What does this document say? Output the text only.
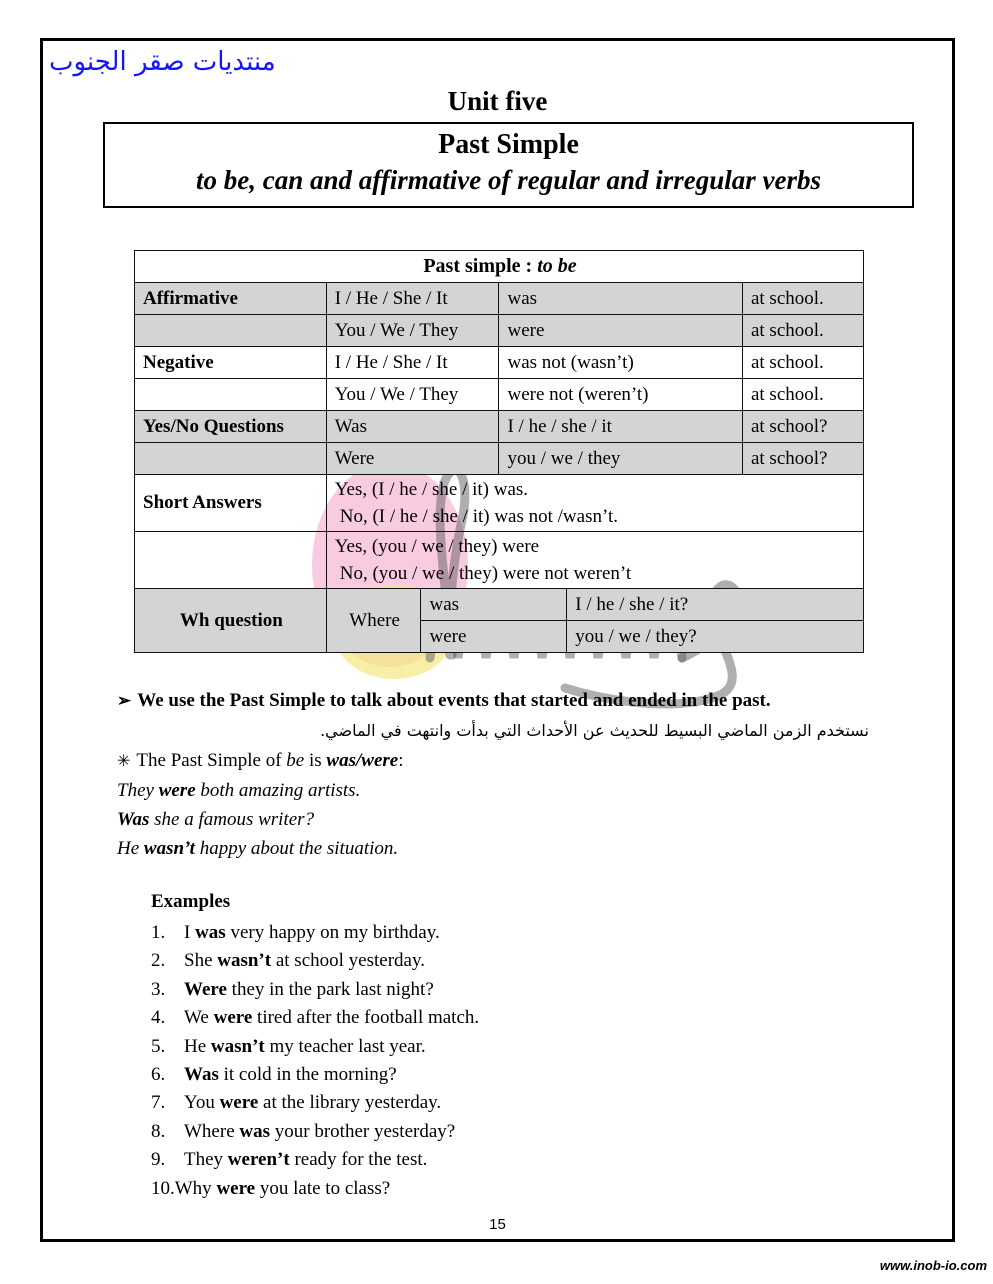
منتديات صقر الجنوب
Unit five
Past Simple
to be, can and affirmative of regular and irregular verbs
Past simple : to be					
Affirmative	I / He / She / It		was		at school.
	You / We / They		were		at school.
Negative	I / He / She / It		was not (wasn’t)		at school.
	You / We / They		were not (weren’t)		at school.
Yes/No Questions	Was		I / he / she / it		at school?
	Were		you / we / they		at school?
Short Answers	Yes, (I / he / she / it) was.
No, (I / he / she / it) was not /wasn’t.				
	Yes, (you / we / they) were
No, (you / we / they) were not weren’t				
Wh question	Where	was		I / he / she / it?	
		were		you / we / they?	
➢ We use the Past Simple to talk about events that started and ended in the past.
نستخدم الزمن الماضي البسيط للحديث عن الأحداث التي بدأت وانتهت في الماضي.
✳ The Past Simple of be is was/were:
They were both amazing artists.
Was she a famous writer?
He wasn’t happy about the situation.
Examples
1. I was very happy on my birthday.
2. She wasn’t at school yesterday.
3. Were they in the park last night?
4. We were tired after the football match.
5. He wasn’t my teacher last year.
6. Was it cold in the morning?
7. You were at the library yesterday.
8. Where was your brother yesterday?
9. They weren’t ready for the test.
10.Why were you late to class?
15
www.inob-io.com
